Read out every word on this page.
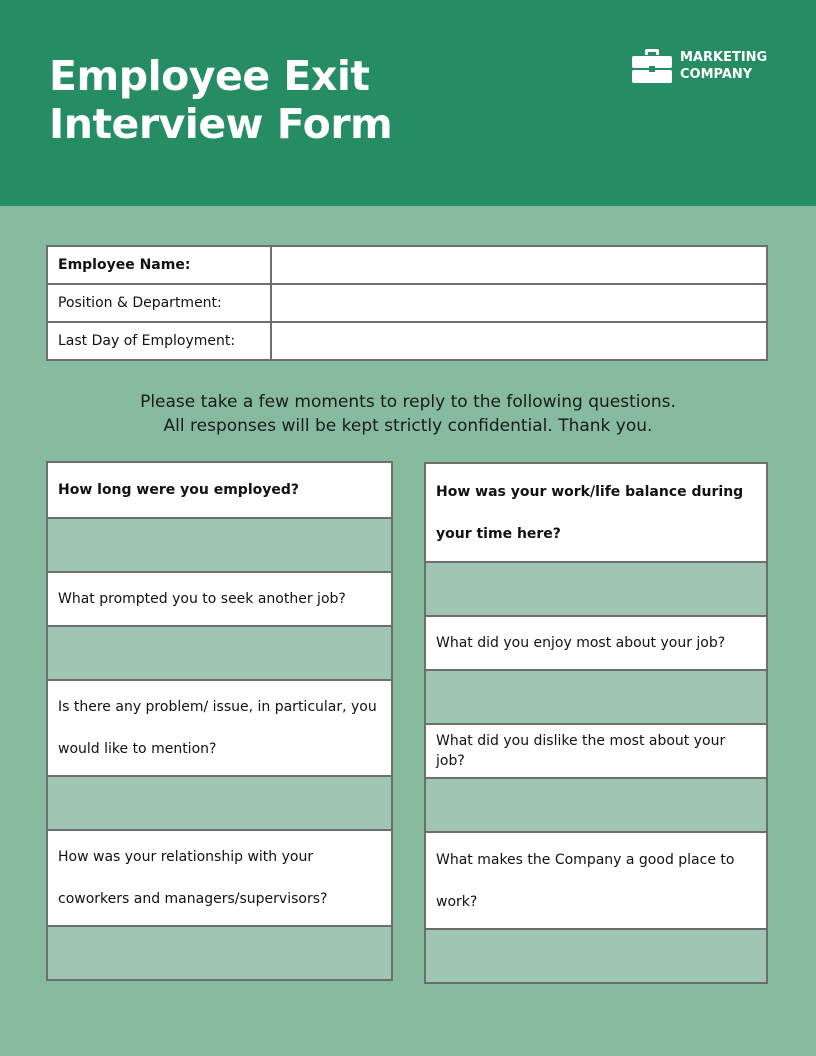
Employee Exit
Interview Form
MARKETING
COMPANY
Employee Name:	
Position & Department:	
Last Day of Employment:	
Please take a few moments to reply to the following questions.
All responses will be kept strictly confidential. Thank you.
How long were you employed?
What prompted you to seek another job?
Is there any problem/ issue, in particular, you would like to mention?
How was your relationship with your coworkers and managers/supervisors?
How was your work/life balance during your time here?
What did you enjoy most about your job?
What did you dislike the most about your job?
What makes the Company a good place to work?
